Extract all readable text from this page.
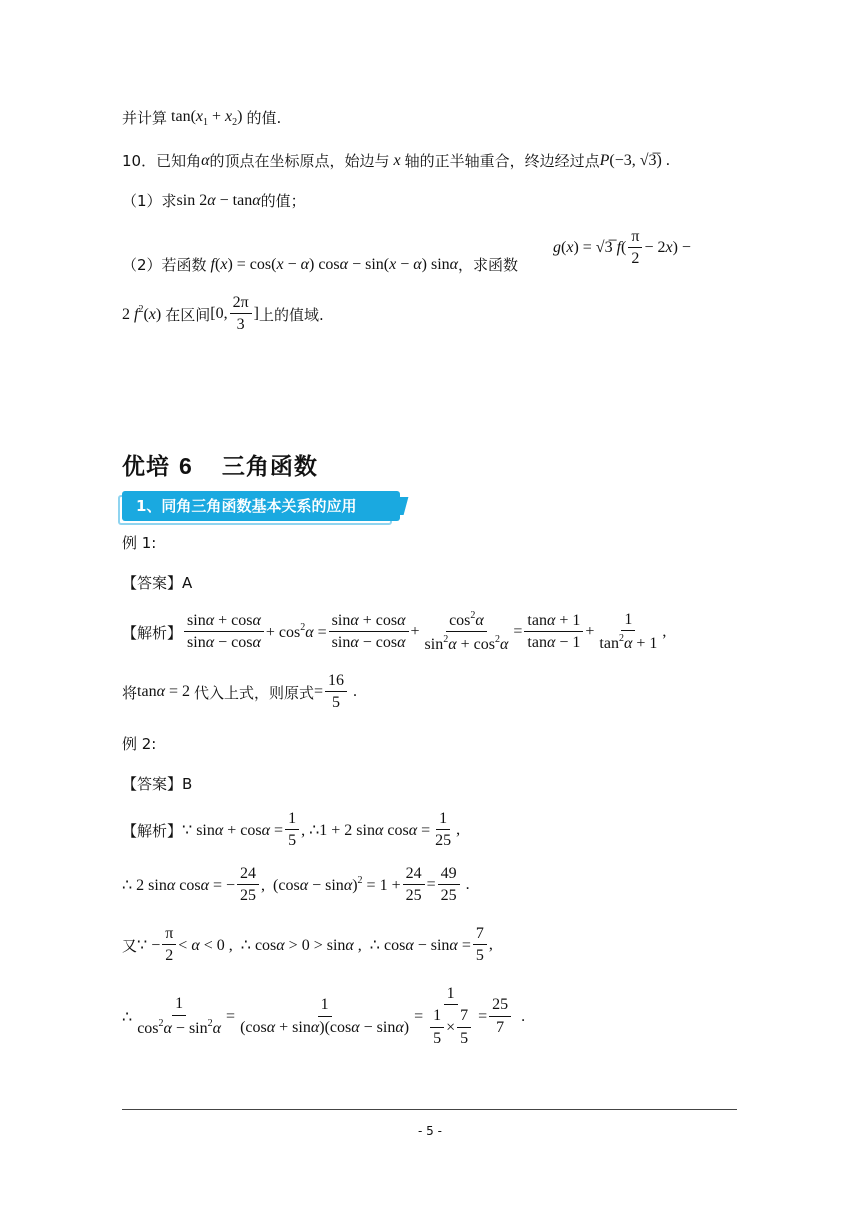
并计算 $\tan(x_1 + x_2)$ 的值.
10．已知角 α 的顶点在坐标原点，始边与 x 轴的正半轴重合，终边经过点 P(−3, √3̅) .
（1）求 sin 2α − tanα 的值；
（2）若函数 f(x) = cos(x − α) cosα − sin(x − α) sinα ，求函数
g(x) = √3̅ $f( \frac{\pi}{2} - 2x)$ −
2 $f^2(x)$ 在区间 [0, $\frac{2\pi}{3}$ ] 上的值域.
优培 6 三角函数
1、同角三角函数基本关系的应用
例 1:
【答案】A
【解析】 $\frac{\sin\alpha + \cos\alpha}{\sin\alpha - \cos\alpha} + \cos^2\alpha = \frac{\sin\alpha + \cos\alpha}{\sin\alpha - \cos\alpha} + \frac{\cos^2\alpha}{\sin^2\alpha + \cos^2\alpha} = \frac{\tan\alpha + 1}{\tan\alpha - 1} + \frac{1}{\tan^2\alpha + 1}$ ,
将 tanα = 2 代入上式，则原式 = $\frac{16}{5}$ .
例 2:
【答案】B
【解析】 ∵ $\sin\alpha + \cos\alpha = \frac{1}{5}$ , ∴1 + 2 sinα $\cos\alpha = \frac{1}{25}$ ,
∴ 2 sinα cosα = − $\frac{24}{25}$ ,  $(\cos\alpha - \sin\alpha)^2 = 1 + \frac{24}{25} = \frac{49}{25}$ .
又 ∵ − $\frac{\pi}{2} < \alpha < 0$ ,  ∴ cosα > 0 > sinα ,  ∴ $\cos\alpha - \sin\alpha = \frac{7}{5}$ ,
∴ $\frac{1}{\cos^2\alpha - \sin^2\alpha} = \frac{1}{(\cos\alpha + \sin\alpha)(\cos\alpha - \sin\alpha)} = \frac{1}{\frac{1}{5} \times \frac{7}{5}} = \frac{25}{7}$ .
- 5 -
